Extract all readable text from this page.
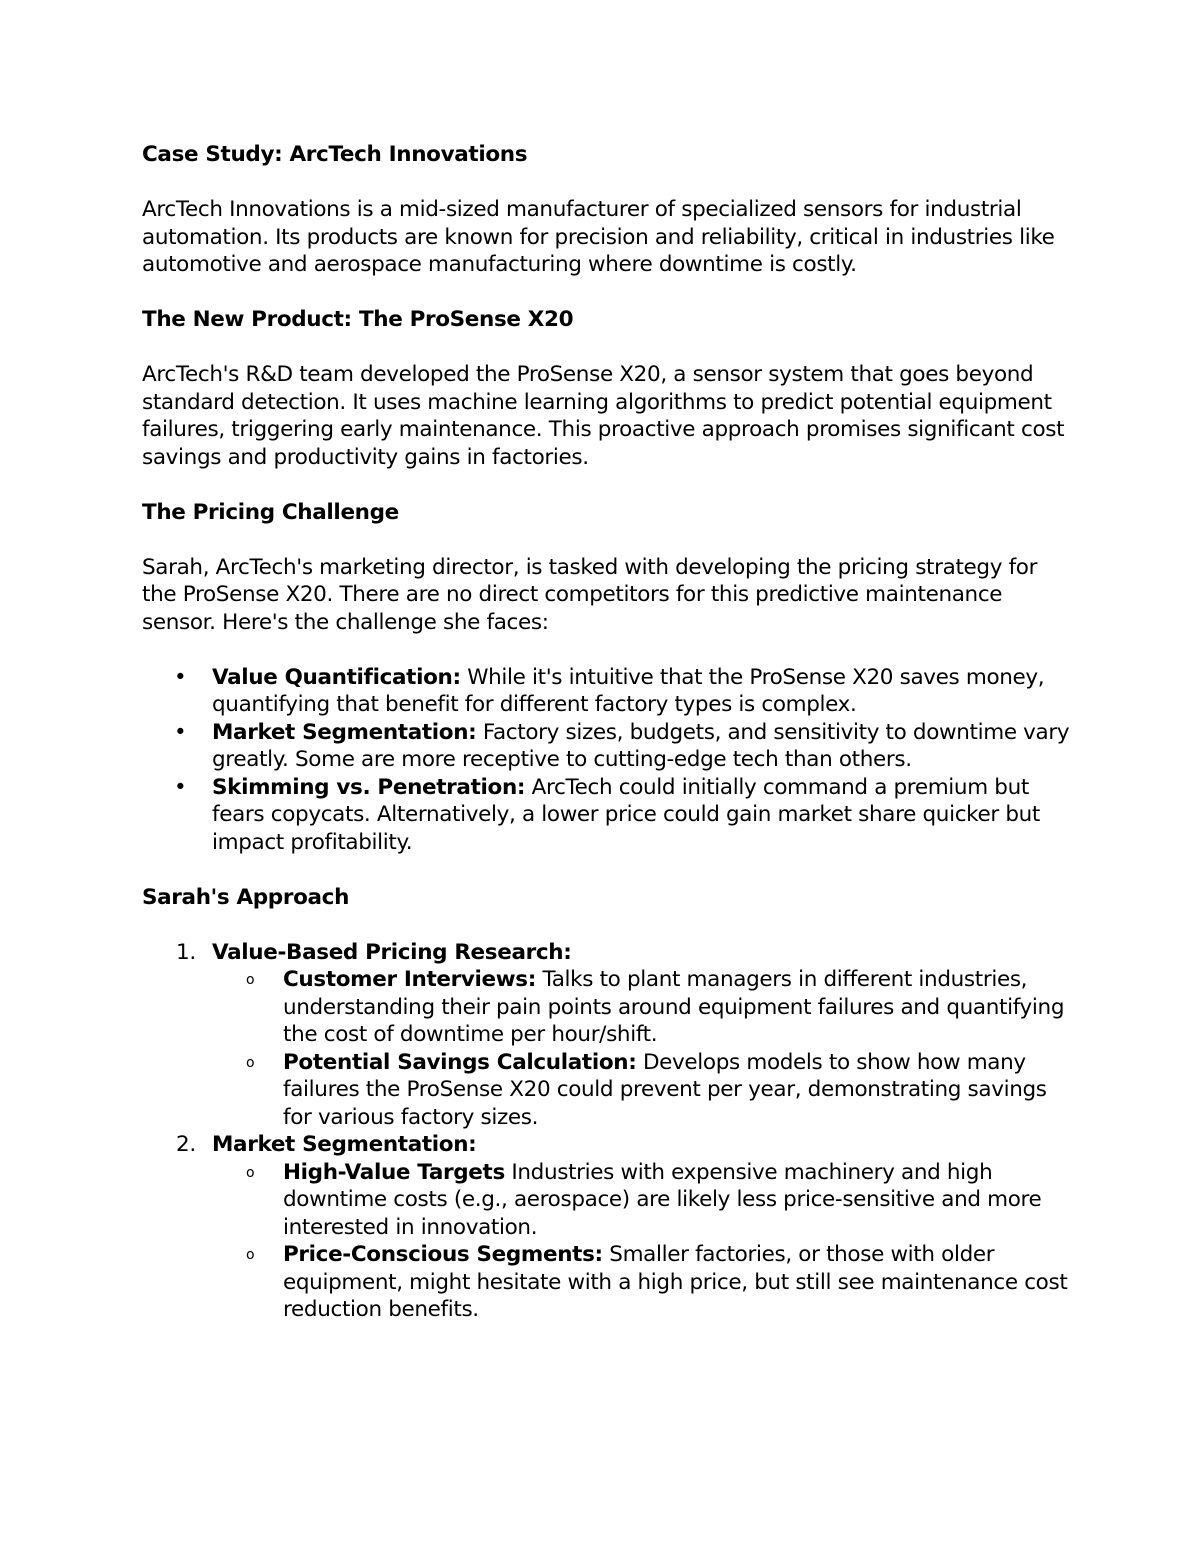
Case Study: ArcTech Innovations

ArcTech Innovations is a mid-sized manufacturer of specialized sensors for industrial automation. Its products are known for precision and reliability, critical in industries like automotive and aerospace manufacturing where downtime is costly.

The New Product: The ProSense X20

ArcTech's R&D team developed the ProSense X20, a sensor system that goes beyond standard detection. It uses machine learning algorithms to predict potential equipment failures, triggering early maintenance. This proactive approach promises significant cost savings and productivity gains in factories.

The Pricing Challenge

Sarah, ArcTech's marketing director, is tasked with developing the pricing strategy for the ProSense X20. There are no direct competitors for this predictive maintenance sensor. Here's the challenge she faces:

• Value Quantification: While it's intuitive that the ProSense X20 saves money, quantifying that benefit for different factory types is complex.
• Market Segmentation: Factory sizes, budgets, and sensitivity to downtime vary greatly. Some are more receptive to cutting-edge tech than others.
• Skimming vs. Penetration: ArcTech could initially command a premium but fears copycats. Alternatively, a lower price could gain market share quicker but impact profitability.

Sarah's Approach

1. Value-Based Pricing Research:
o Customer Interviews: Talks to plant managers in different industries, understanding their pain points around equipment failures and quantifying the cost of downtime per hour/shift.
o Potential Savings Calculation: Develops models to show how many failures the ProSense X20 could prevent per year, demonstrating savings for various factory sizes.
2. Market Segmentation:
o High-Value Targets Industries with expensive machinery and high downtime costs (e.g., aerospace) are likely less price-sensitive and more interested in innovation.
o Price-Conscious Segments: Smaller factories, or those with older equipment, might hesitate with a high price, but still see maintenance cost reduction benefits.
